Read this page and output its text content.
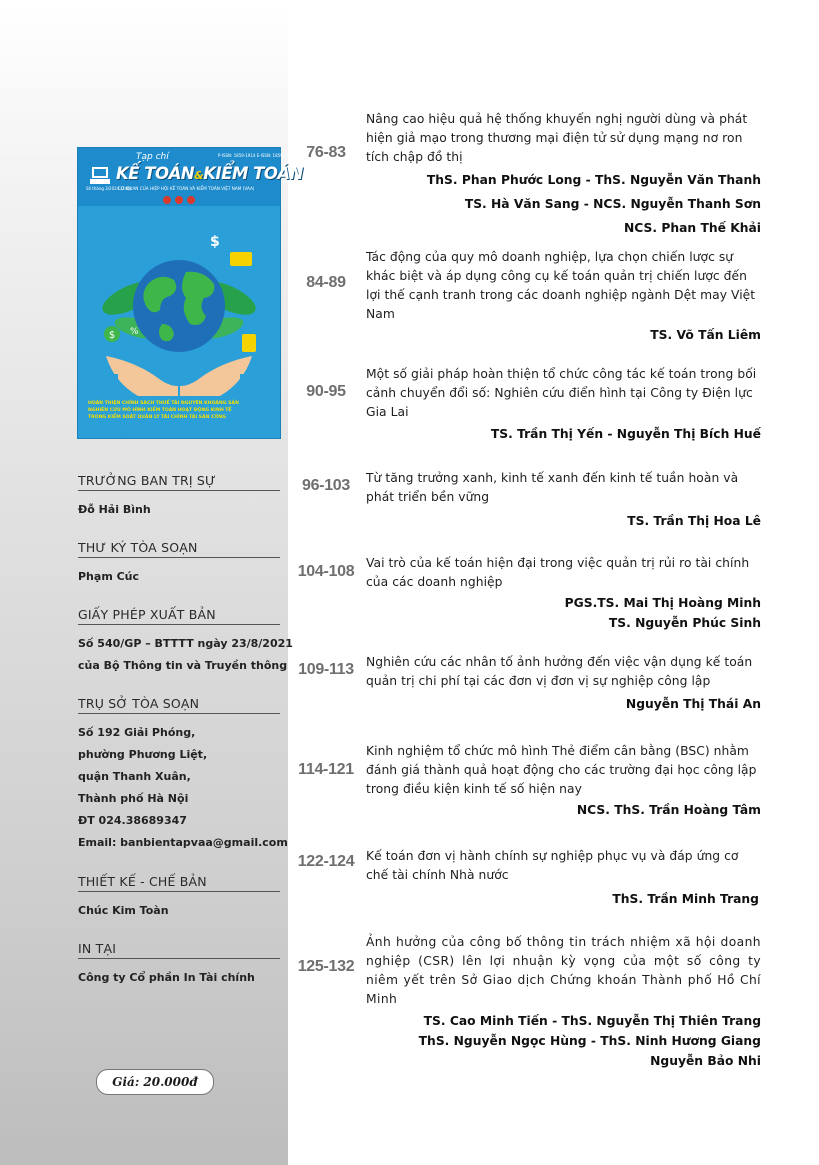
Tạp chí	P-ISSN: 1859-1914 E-ISSN: 1859-4867
KẾ TOÁN&KIỂM TOÁN
Số tháng 3/2024 (246)
CƠ QUAN CỦA HIỆP HỘI KẾ TOÁN VÀ KIỂM TOÁN VIỆT NAM (VAA)
$ %
$
HOÀN THIỆN CHÍNH SÁCH THUẾ TÀI NGUYÊN KHOÁNG SẢN
NGHIÊN CỨU MÔ HÌNH KIỂM TOÁN HOẠT ĐỘNG KINH TẾ
TRONG KIỂM SOÁT QUẢN LÝ TÀI CHÍNH TÀI SẢN CÔNG
TRƯỞNG BAN TRỊ SỰ
Đỗ Hải Bình
THƯ KÝ TÒA SOẠN
Phạm Cúc
GIẤY PHÉP XUẤT BẢN
Số 540/GP – BTTTT ngày 23/8/2021
của Bộ Thông tin và Truyền thông
TRỤ SỞ TÒA SOẠN
Số 192 Giải Phóng,
phường Phương Liệt,
quận Thanh Xuân,
Thành phố Hà Nội
ĐT 024.38689347
Email: banbientapvaa@gmail.com
THIẾT KẾ - CHẾ BẢN
Chúc Kim Toàn
IN TẠI
Công ty Cổ phần In Tài chính
Giá: 20.000đ
76-83
Nâng cao hiệu quả hệ thống khuyến nghị người dùng và phát hiện giả mạo trong thương mại điện tử sử dụng mạng nơ ron tích chập đồ thị
ThS. Phan Phước Long - ThS. Nguyễn Văn Thanh
TS. Hà Văn Sang - NCS. Nguyễn Thanh Sơn
NCS. Phan Thế Khải
84-89
Tác động của quy mô doanh nghiệp, lựa chọn chiến lược sự khác biệt và áp dụng công cụ kế toán quản trị chiến lược đến lợi thế cạnh tranh trong các doanh nghiệp ngành Dệt may Việt Nam
TS. Võ Tấn Liêm
90-95
Một số giải pháp hoàn thiện tổ chức công tác kế toán trong bối cảnh chuyển đổi số: Nghiên cứu điển hình tại Công ty Điện lực Gia Lai
TS. Trần Thị Yến - Nguyễn Thị Bích Huế
96-103	Từ tăng trưởng xanh, kinh tế xanh đến kinh tế tuần hoàn và phát triển bền vững
TS. Trần Thị Hoa Lê
104-108 Vai trò của kế toán hiện đại trong việc quản trị rủi ro tài chính của các doanh nghiệp
PGS.TS. Mai Thị Hoàng Minh
TS. Nguyễn Phúc Sinh
109-113 Nghiên cứu các nhân tố ảnh hưởng đến việc vận dụng kế toán quản trị chi phí tại các đơn vị đơn vị sự nghiệp công lập
Nguyễn Thị Thái An
114-121
Kinh nghiệm tổ chức mô hình Thẻ điểm cân bằng (BSC) nhằm đánh giá thành quả hoạt động cho các trường đại học công lập trong điều kiện kinh tế số hiện nay
NCS. ThS. Trần Hoàng Tâm
122-124 Kế toán đơn vị hành chính sự nghiệp phục vụ và đáp ứng cơ chế tài chính Nhà nước
ThS. Trần Minh Trang
125-132
Ảnh hưởng của công bố thông tin trách nhiệm xã hội doanh nghiệp (CSR) lên lợi nhuận kỳ vọng của một số công ty niêm yết trên Sở Giao dịch Chứng khoán Thành phố Hồ Chí Minh
TS. Cao Minh Tiến - ThS. Nguyễn Thị Thiên Trang
ThS. Nguyễn Ngọc Hùng - ThS. Ninh Hương Giang
Nguyễn Bảo Nhi
